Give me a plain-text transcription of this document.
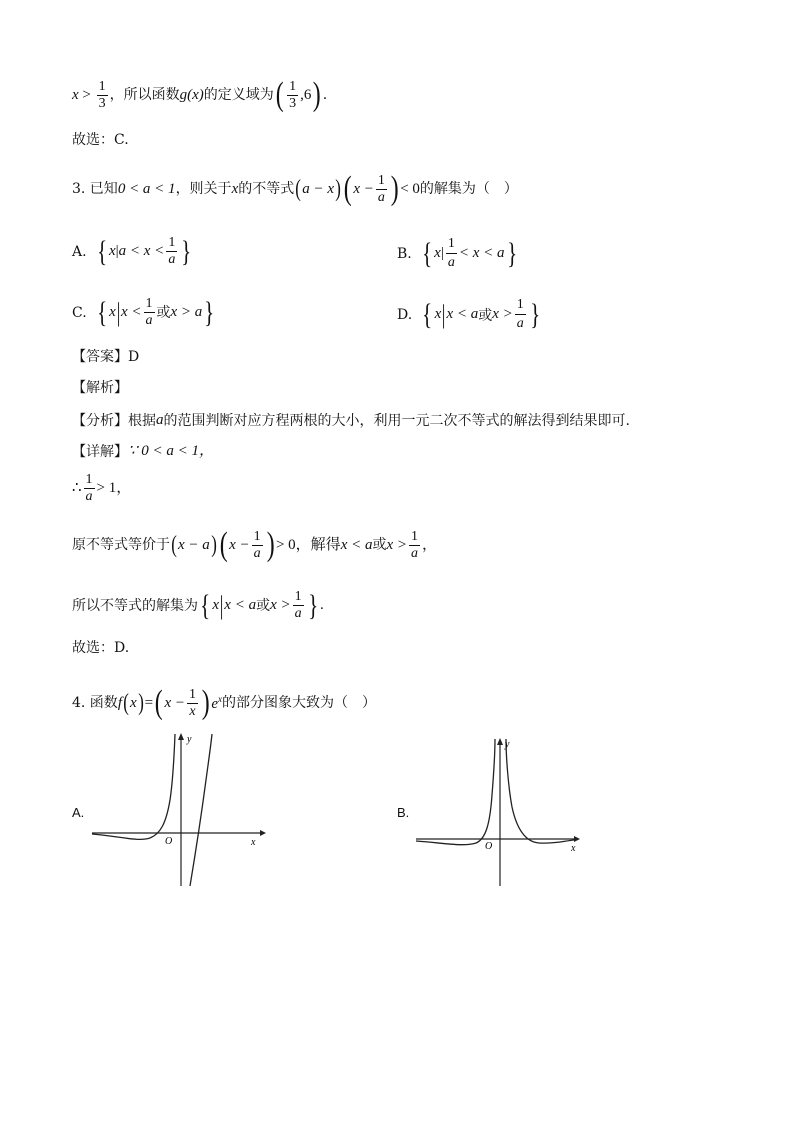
$x > \frac{1}{3}$ ，所以函数 g(x) 的定义域为 ( $\frac{1}{3} ,6$ ) .
故选：C.
3. 已知 0 < a < 1 ，则关于 x 的不等式 ( a − x ) ( $x - \frac{1}{a}$ ) < 0 的解集为（　）
A. { x | $a < x < \frac{1}{a}$ }	B. { x | $\frac{1}{a} < x < a$ }
C. { x | $x < \frac{1}{a}$ 或 x > a }	D. { x | x < a 或 $x > \frac{1}{a}$ }
【答案】D
【解析】
【分析】根据 a 的范围判断对应方程两根的大小，利用一元二次不等式的解法得到结果即可.
【详解】 ∵ 0 < a < 1，
∴ $\frac{1}{a} > 1$，
原不等式等价于 ( x − a ) ( $x - \frac{1}{a}$ ) > 0，解得 x < a 或 $x > \frac{1}{a}$ ，
所以不等式的解集为 { x | x < a 或 $x > \frac{1}{a}$ } .
故选：D.
4. 函数 f ( x ) = ( $x - \frac{1}{x}$ ) $e^x$ 的部分图象大致为（　）
A.	B.
y
x
O
y
x
O
